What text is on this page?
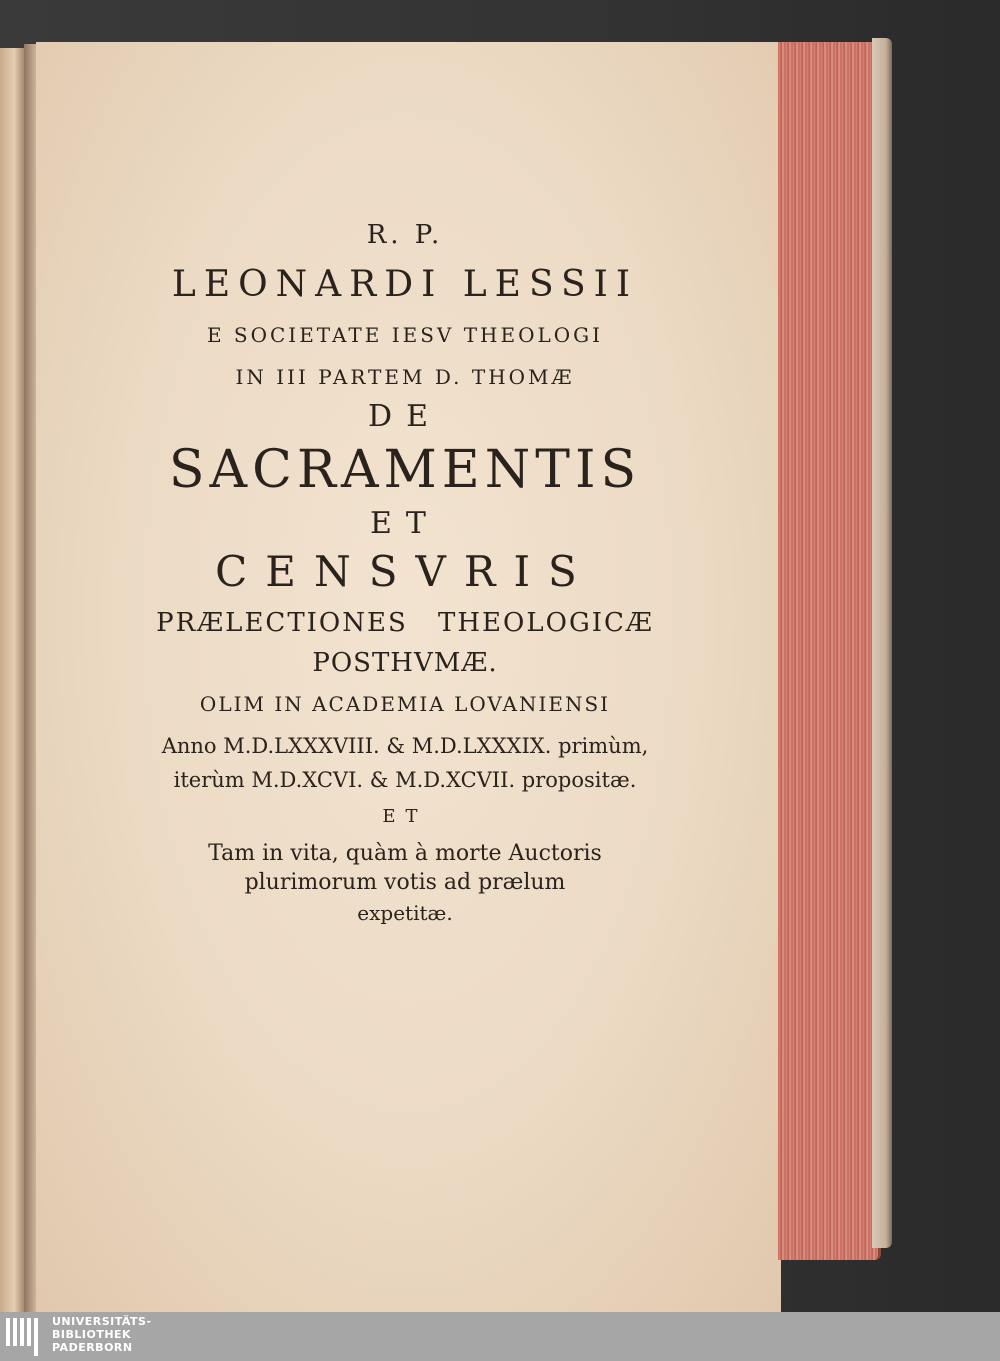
R. P.
LEONARDI LESSII
E SOCIETATE IESV THEOLOGI
IN III PARTEM D. THOMÆ
DE
SACRAMENTIS
ET
CENSVRIS
PRÆLECTIONES THEOLOGICÆ
POSTHVMÆ.
OLIM IN ACADEMIA LOVANIENSI
Anno M.D.LXXXVIII. & M.D.LXXXIX. primùm,
iterùm M.D.XCVI. & M.D.XCVII. propositæ.
ET
Tam in vita, quàm à morte Auctoris
plurimorum votis ad prælum
expetitæ.
UNIVERSITÄTS-
BIBLIOTHEK
PADERBORN
